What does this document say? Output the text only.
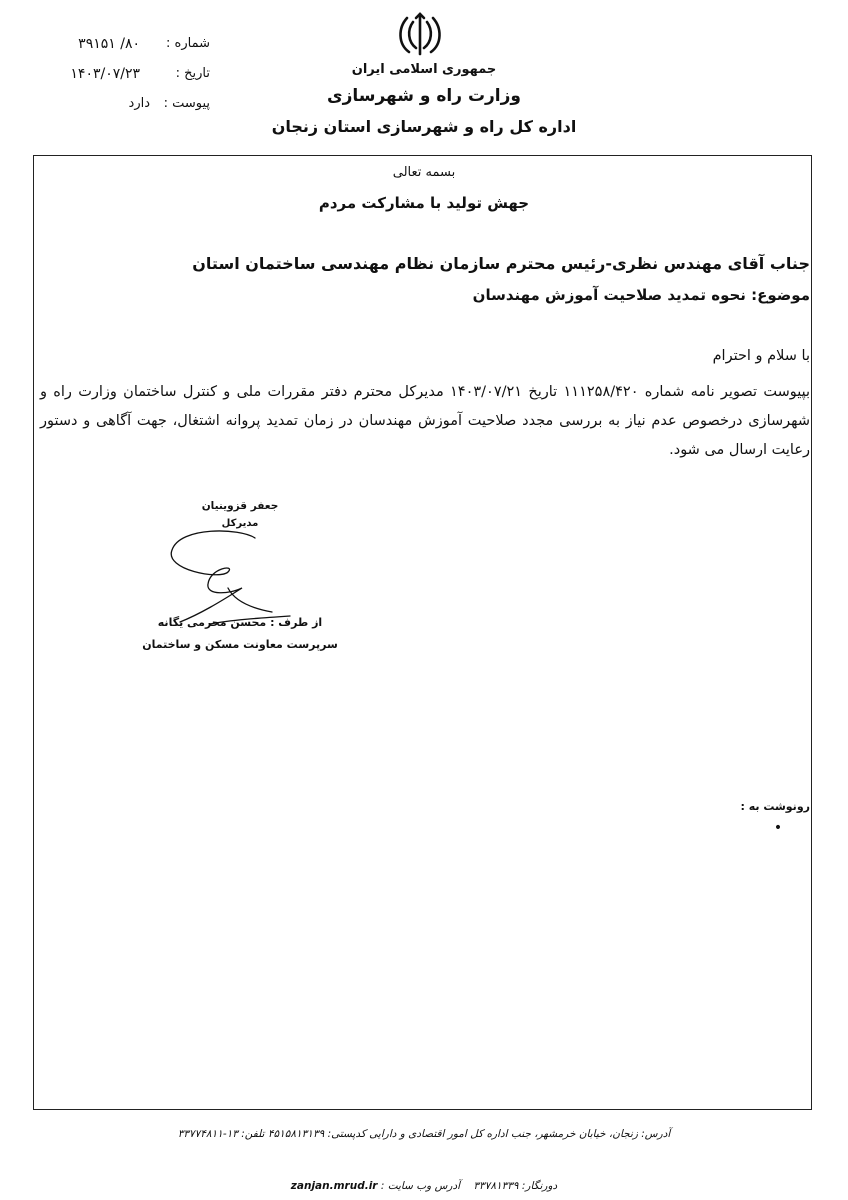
جمهوری اسلامی ایران
وزارت راه و شهرسازی
اداره کل راه و شهرسازی استان زنجان
شماره :
۸۰/ ۳۹۱۵۱
تاریخ :
۱۴۰۳/۰۷/۲۳
پیوست :
دارد
بسمه تعالی
جهش تولید با مشارکت مردم
جناب آقای مهندس نظری-رئیس محترم سازمان نظام مهندسی ساختمان استان
موضوع: نحوه تمدید صلاحیت آموزش مهندسان
با سلام و احترام
بپیوست تصویر نامه شماره ۱۱۱۲۵۸/۴۲۰ تاریخ ۱۴۰۳/۰۷/۲۱ مدیرکل محترم دفتر مقررات ملی و کنترل ساختمان وزارت راه و شهرسازی درخصوص عدم نیاز به بررسی مجدد صلاحیت آموزش مهندسان در زمان تمدید پروانه اشتغال، جهت آگاهی و دستور رعایت ارسال می شود.
جعفر قزوینیان
مدیرکل
از طرف : محسن محرمی یگانه
سرپرست معاونت مسکن و ساختمان
رونوشت به :
•
آدرس: زنجان، خیابان خرمشهر، جنب اداره کل امور اقتصادی و دارایی کدپستی: ۴۵۱۵۸۱۳۱۳۹ تلفن: ۱۳-۳۳۷۷۴۸۱۱
دورنگار: ۳۳۷۸۱۳۳۹    آدرس وب سایت : zanjan.mrud.ir
